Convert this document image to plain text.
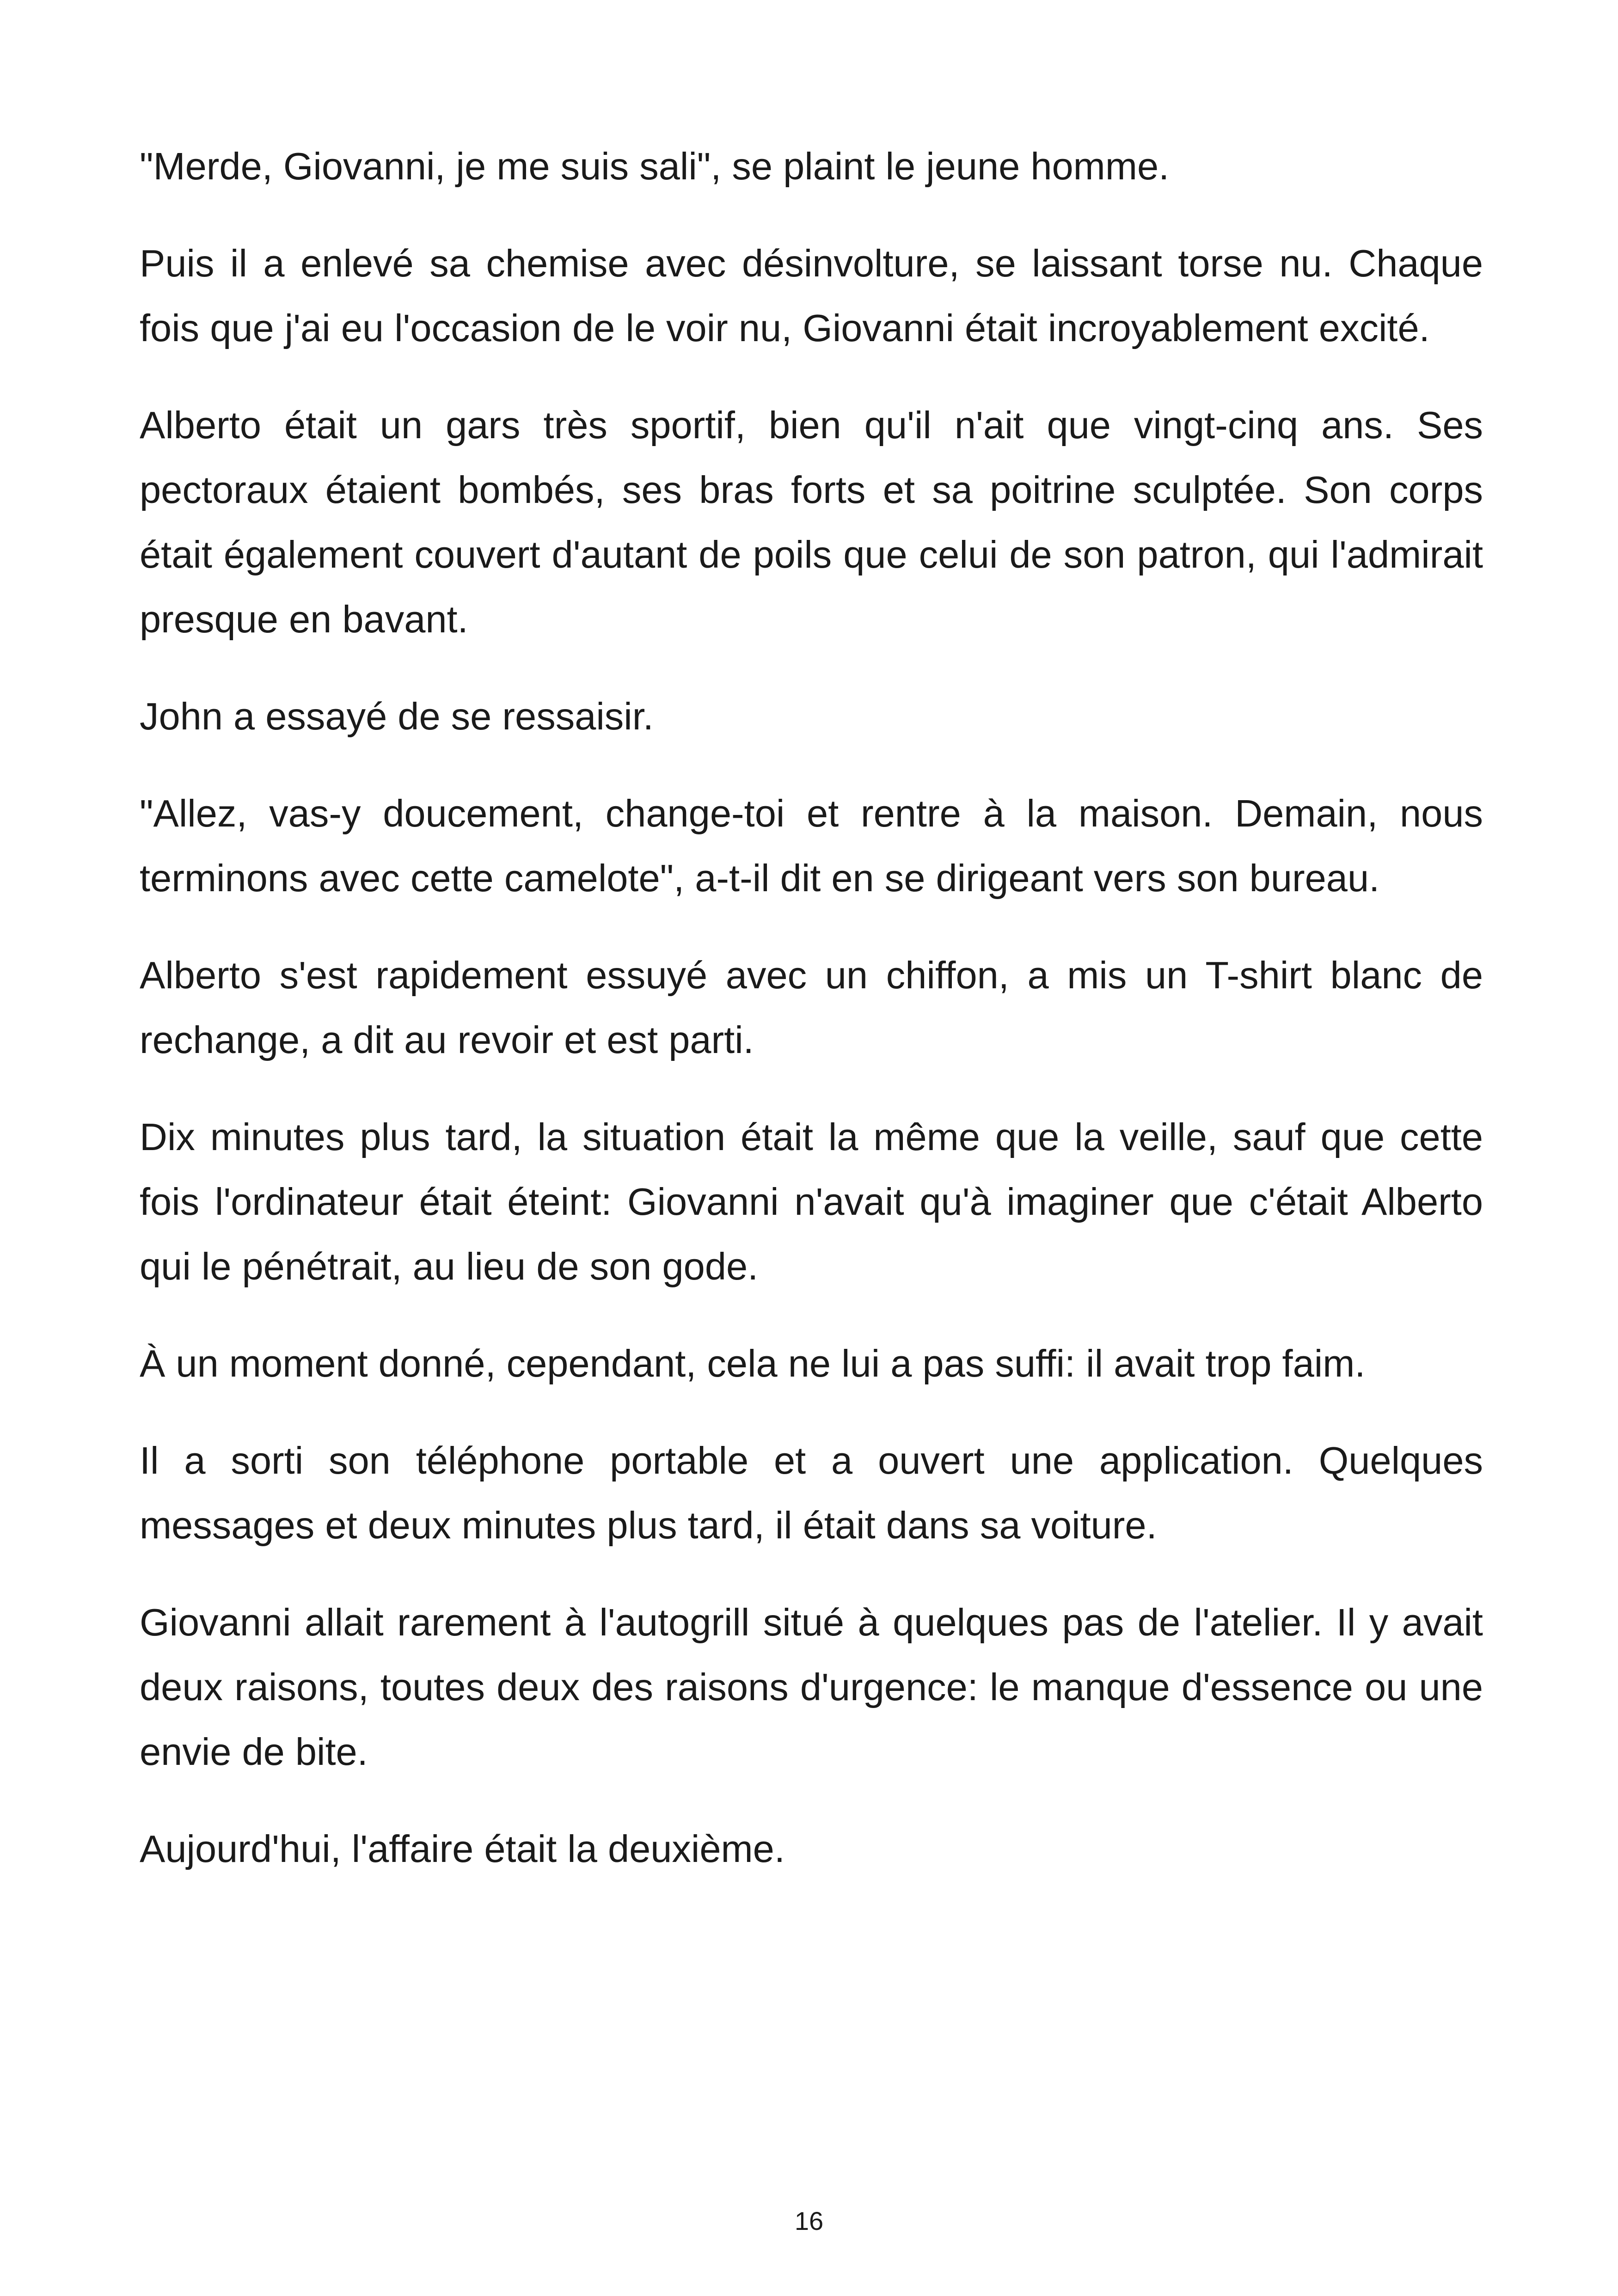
"Merde, Giovanni, je me suis sali", se plaint le jeune homme.

Puis il a enlevé sa chemise avec désinvolture, se laissant torse nu. Chaque fois que j'ai eu l'occasion de le voir nu, Giovanni était incroyablement excité.

Alberto était un gars très sportif, bien qu'il n'ait que vingt-cinq ans. Ses pectoraux étaient bombés, ses bras forts et sa poitrine sculptée. Son corps était également couvert d'autant de poils que celui de son patron, qui l'admirait presque en bavant.

John a essayé de se ressaisir.

"Allez, vas-y doucement, change-toi et rentre à la maison. Demain, nous terminons avec cette camelote", a-t-il dit en se dirigeant vers son bureau.

Alberto s'est rapidement essuyé avec un chiffon, a mis un T-shirt blanc de rechange, a dit au revoir et est parti.

Dix minutes plus tard, la situation était la même que la veille, sauf que cette fois l'ordinateur était éteint: Giovanni n'avait qu'à imaginer que c'était Alberto qui le pénétrait, au lieu de son gode.

À un moment donné, cependant, cela ne lui a pas suffi: il avait trop faim.

Il a sorti son téléphone portable et a ouvert une application. Quelques messages et deux minutes plus tard, il était dans sa voiture.

Giovanni allait rarement à l'autogrill situé à quelques pas de l'atelier. Il y avait deux raisons, toutes deux des raisons d'urgence: le manque d'essence ou une envie de bite.

Aujourd'hui, l'affaire était la deuxième.

16
